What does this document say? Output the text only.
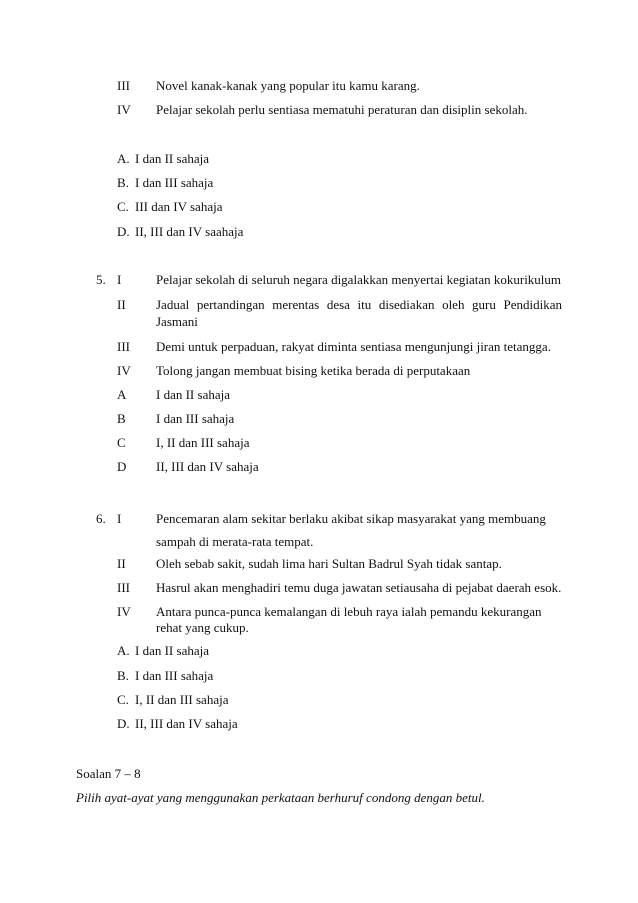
III Novel kanak-kanak yang popular itu kamu karang.
IV Pelajar sekolah perlu sentiasa mematuhi peraturan dan disiplin sekolah.
A. I dan II sahaja
B. I dan III sahaja
C. III dan IV sahaja
D. II, III dan IV saahaja
5. I	Pelajar sekolah di seluruh negara digalakkan menyertai kegiatan kokurikulum
II Jadual pertandingan merentas desa itu disediakan oleh guru Pendidikan
Jasmani
III Demi untuk perpaduan, rakyat diminta sentiasa mengunjungi jiran tetangga.
IV Tolong jangan membuat bising ketika berada di perputakaan
A I dan II sahaja
B I dan III sahaja
C I, II dan III sahaja
D II, III dan IV sahaja
6. I	Pencemaran alam sekitar berlaku akibat sikap masyarakat yang membuang
sampah di merata-rata tempat.
II Oleh sebab sakit, sudah lima hari Sultan Badrul Syah tidak santap.
III Hasrul akan menghadiri temu duga jawatan setiausaha di pejabat daerah esok.
IV Antara punca-punca kemalangan di lebuh raya ialah pemandu kekurangan
rehat yang cukup.
A. I dan II sahaja
B. I dan III sahaja
C. I, II dan III sahaja
D. II, III dan IV sahaja
Soalan 7 – 8
Pilih ayat-ayat yang menggunakan perkataan berhuruf condong dengan betul.
